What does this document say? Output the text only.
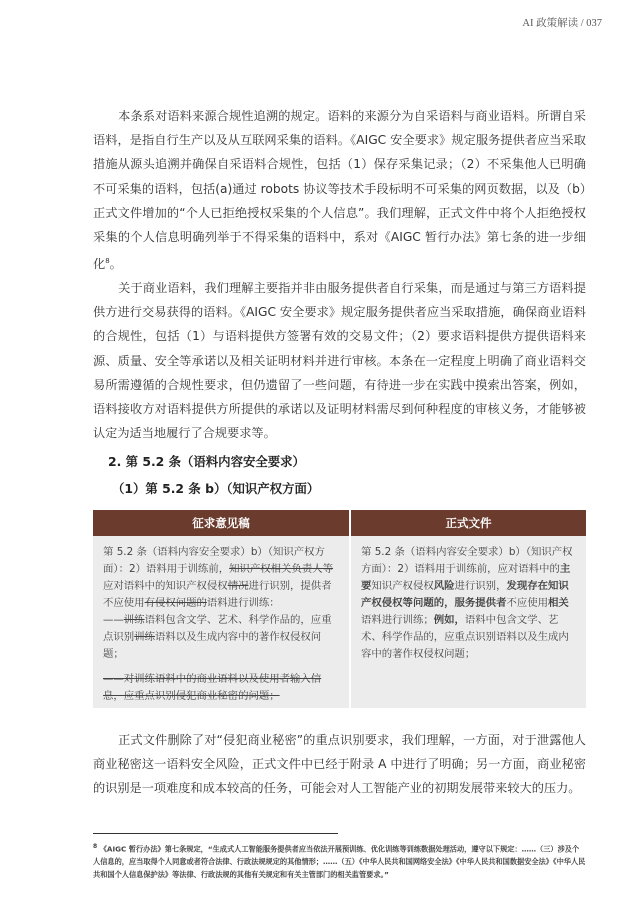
AI 政策解读 / 037

本条系对语料来源合规性追溯的规定。语料的来源分为自采语料与商业语料。所谓自采语料，是指自行生产以及从互联网采集的语料。《AIGC 安全要求》规定服务提供者应当采取措施从源头追溯并确保自采语料合规性，包括（1）保存采集记录；（2）不采集他人已明确不可采集的语料，包括(a)通过 robots 协议等技术手段标明不可采集的网页数据，以及（b）正式文件增加的“个人已拒绝授权采集的个人信息”。我们理解，正式文件中将个人拒绝授权采集的个人信息明确列举于不得采集的语料中，系对《AIGC 暂行办法》第七条的进一步细化$^8$。

关于商业语料，我们理解主要指并非由服务提供者自行采集，而是通过与第三方语料提供方进行交易获得的语料。《AIGC 安全要求》规定服务提供者应当采取措施，确保商业语料的合规性，包括（1）与语料提供方签署有效的交易文件；（2）要求语料提供方提供语料来源、质量、安全等承诺以及相关证明材料并进行审核。本条在一定程度上明确了商业语料交易所需遵循的合规性要求，但仍遗留了一些问题，有待进一步在实践中摸索出答案，例如，语料接收方对语料提供方所提供的承诺以及证明材料需尽到何种程度的审核义务，才能够被认定为适当地履行了合规要求等。

2. 第 5.2 条（语料内容安全要求）
（1）第 5.2 条 b）（知识产权方面）
征求意见稿
第 5.2 条（语料内容安全要求）b）（知识产权方面）：2）语料用于训练前，知识产权相关负责人等应对语料中的知识产权侵权情况进行识别，提供者不应使用有侵权问题的语料进行训练：
——训练语料包含文学、艺术、科学作品的，应重点识别训练语料以及生成内容中的著作权侵权问题；
——对训练语料中的商业语料以及使用者输入信息，应重点识别侵犯商业秘密的问题；
正式文件
第 5.2 条（语料内容安全要求）b）（知识产权方面）：2）语料用于训练前，应对语料中的主要知识产权侵权风险进行识别，发现存在知识产权侵权等问题的，服务提供者不应使用相关语料进行训练；例如，语料中包含文学、艺术、科学作品的，应重点识别语料以及生成内容中的著作权侵权问题；

正式文件删除了对“侵犯商业秘密”的重点识别要求，我们理解，一方面，对于泄露他人商业秘密这一语料安全风险，正式文件中已经于附录 A 中进行了明确；另一方面，商业秘密的识别是一项难度和成本较高的任务，可能会对人工智能产业的初期发展带来较大的压力。

$^8$ 《AIGC 暂行办法》第七条规定，“生成式人工智能服务提供者应当依法开展预训练、优化训练等训练数据处理活动，遵守以下规定：……（三）涉及个人信息的，应当取得个人同意或者符合法律、行政法规规定的其他情形；……（五）《中华人民共和国网络安全法》《中华人民共和国数据安全法》《中华人民共和国个人信息保护法》等法律、行政法规的其他有关规定和有关主管部门的相关监管要求。”
